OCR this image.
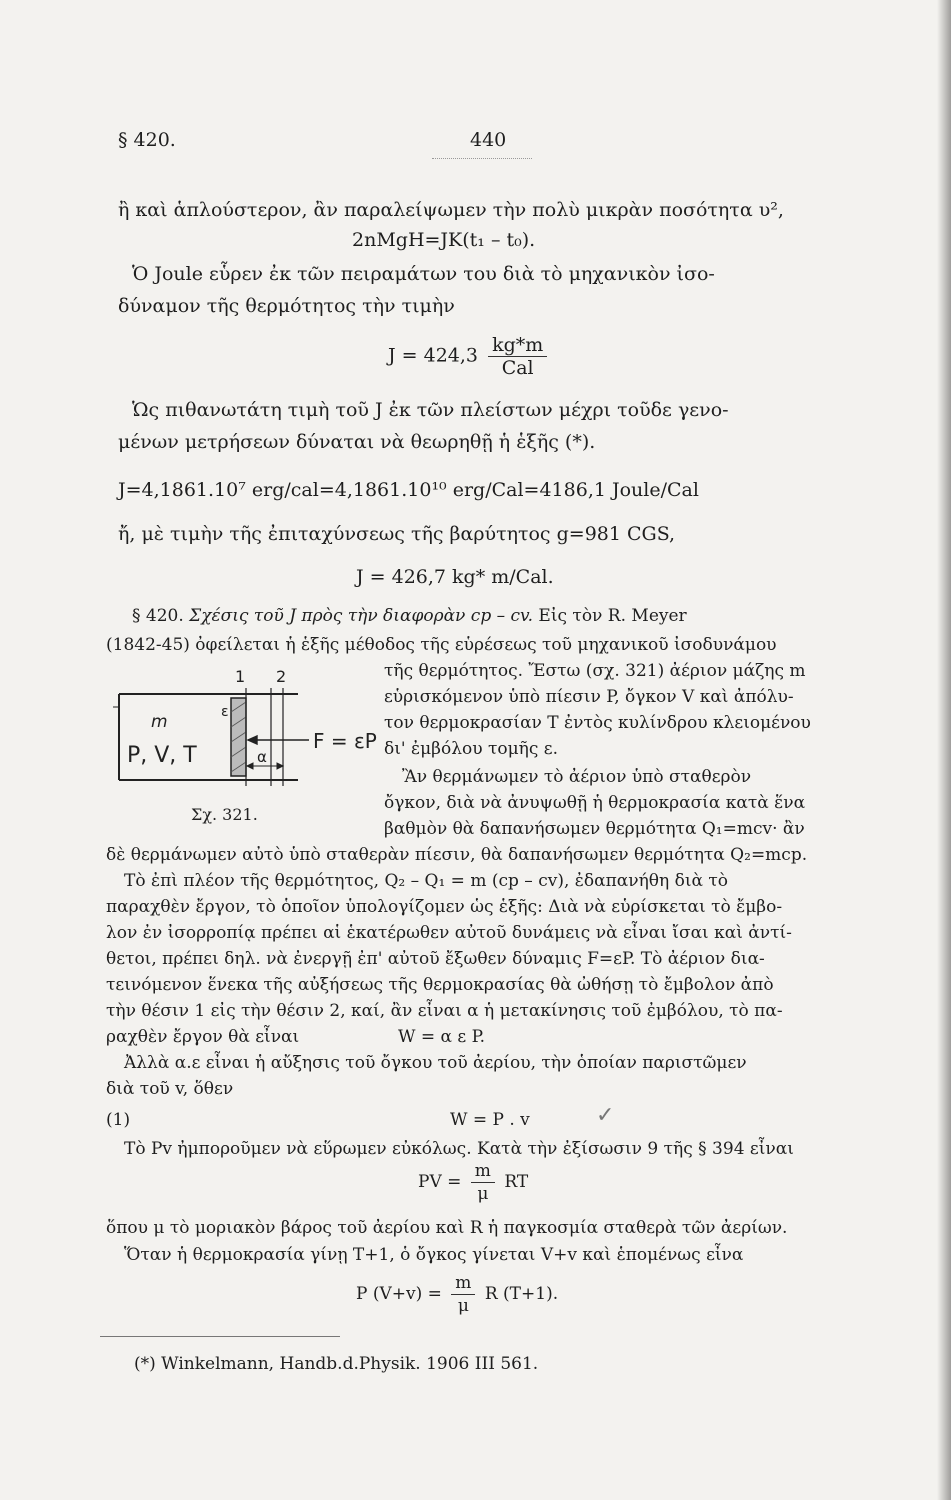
§ 420.	440
ἢ καὶ ἁπλούστερον, ἂν παραλείψωμεν τὴν πολὺ μικρὰν ποσότητα υ²,
2nMgH=JK(t₁ – t₀).
Ὁ Joule εὗρεν ἐκ τῶν πειραμάτων του διὰ τὸ μηχανικὸν ἰσο-
δύναμον τῆς θερμότητος τὴν τιμὴν
$J = 424,3 \frac{kg*m}{\text{Cal}}$
Ὡς πιθανωτάτη τιμὴ τοῦ J ἐκ τῶν πλείστων μέχρι τοῦδε γενο-
μένων μετρήσεων δύναται νὰ θεωρηθῇ ἡ ἑξῆς (*).
J=4,1861.10⁷ erg/cal=4,1861.10¹⁰ erg/Cal=4186,1 Joule/Cal
ἤ, μὲ τιμὴν τῆς ἐπιταχύνσεως τῆς βαρύτητος g=981 CGS,
J = 426,7 kg* m/Cal.
§ 420. Σχέσις τοῦ J πρὸς τὴν διαφορὰν cp – cv. Εἰς τὸν R. Meyer
(1842-45) ὀφείλεται ἡ ἑξῆς μέθοδος τῆς εὑρέσεως τοῦ μηχανικοῦ ἰσοδυνάμου
τῆς θερμότητος. Ἔστω (σχ. 321) ἀέριον μάζης m
εὑρισκόμενον ὑπὸ πίεσιν P, ὄγκον V καὶ ἀπόλυ-
τον θερμοκρασίαν T ἐντὸς κυλίνδρου κλειομένου
δι' ἐμβόλου τομῆς ε.
Ἂν θερμάνωμεν τὸ ἀέριον ὑπὸ σταθερὸν
ὄγκον, διὰ νὰ ἀνυψωθῇ ἡ θερμοκρασία κατὰ ἕνα
βαθμὸν θὰ δαπανήσωμεν θερμότητα Q₁=mcv· ἂν
δὲ θερμάνωμεν αὐτὸ ὑπὸ σταθερὰν πίεσιν, θὰ δαπανήσωμεν θερμότητα Q₂=mcp.
Τὸ ἐπὶ πλέον τῆς θερμότητος, Q₂ – Q₁ = m (cp – cv), ἐδαπανήθη διὰ τὸ
παραχθὲν ἔργον, τὸ ὁποῖον ὑπολογίζομεν ὡς ἑξῆς: Διὰ νὰ εὑρίσκεται τὸ ἔμβο-
λον ἐν ἰσορροπίᾳ πρέπει αἱ ἑκατέρωθεν αὐτοῦ δυνάμεις νὰ εἶναι ἴσαι καὶ ἀντί-
θετοι, πρέπει δηλ. νὰ ἐνεργῇ ἐπ' αὐτοῦ ἔξωθεν δύναμις F=εP. Τὸ ἀέριον δια-
τεινόμενον ἕνεκα τῆς αὐξήσεως τῆς θερμοκρασίας θὰ ὠθήσῃ τὸ ἔμβολον ἀπὸ
τὴν θέσιν 1 εἰς τὴν θέσιν 2, καί, ἂν εἶναι α ἡ μετακίνησις τοῦ ἐμβόλου, τὸ πα-
ραχθὲν ἔργον θὰ εἶναι	W = α ε P.
Ἀλλὰ α.ε εἶναι ἡ αὔξησις τοῦ ὄγκου τοῦ ἀερίου, τὴν ὁποίαν παριστῶμεν
διὰ τοῦ v, ὅθεν
(1)	W = P . v	✓
Τὸ Pv ἠμποροῦμεν νὰ εὕρωμεν εὐκόλως. Κατὰ τὴν ἐξίσωσιν 9 τῆς § 394 εἶναι
PV = $\frac{m}{\mu}$ RT
ὅπου μ τὸ μοριακὸν βάρος τοῦ ἀερίου καὶ R ἡ παγκοσμία σταθερὰ τῶν ἀερίων.
Ὅταν ἡ θερμοκρασία γίνῃ T+1, ὁ ὄγκος γίνεται V+v καὶ ἑπομένως εἶνα
P $(V+v) = \frac{m}{\mu}$ R (T+1).
(*) Winkelmann, Handb.d.Physik. 1906 III 561.
1 2
m
P, V, T
ε
α
F = εP
Σχ. 321.
